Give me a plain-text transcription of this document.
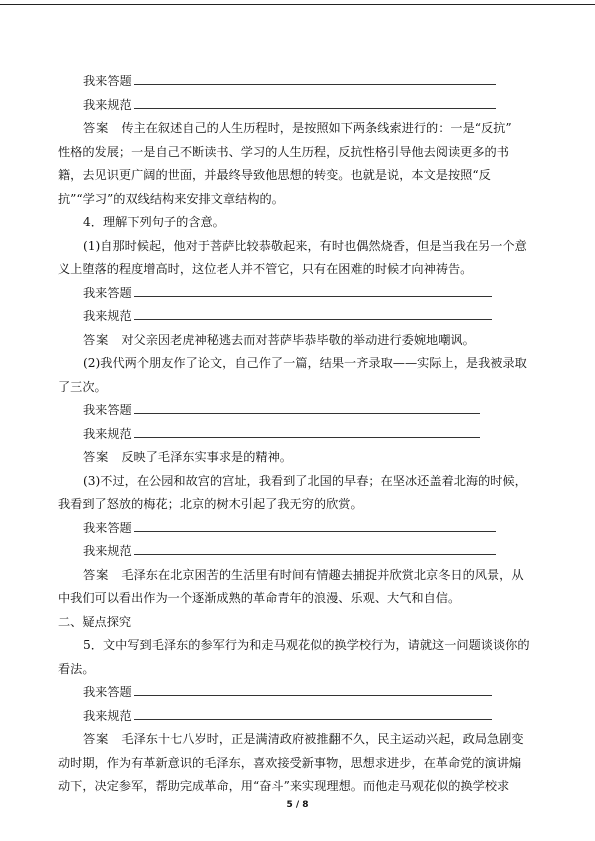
我来答题
我来规范
答案 传主在叙述自己的人生历程时，是按照如下两条线索进行的：一是“反抗”
性格的发展；一是自己不断读书、学习的人生历程，反抗性格引导他去阅读更多的书
籍，去见识更广阔的世面，并最终导致他思想的转变。也就是说，本文是按照“反
抗”“学习”的双线结构来安排文章结构的。
4．理解下列句子的含意。
(1)自那时候起，他对于菩萨比较恭敬起来，有时也偶然烧香，但是当我在另一个意
义上堕落的程度增高时，这位老人并不管它，只有在困难的时候才向神祷告。
我来答题
我来规范
答案 对父亲因老虎神秘逃去而对菩萨毕恭毕敬的举动进行委婉地嘲讽。
(2)我代两个朋友作了论文，自己作了一篇，结果一齐录取——实际上，是我被录取
了三次。
我来答题
我来规范
答案 反映了毛泽东实事求是的精神。
(3)不过，在公园和故宫的宫址，我看到了北国的早春；在坚冰还盖着北海的时候，
我看到了怒放的梅花；北京的树木引起了我无穷的欣赏。
我来答题
我来规范
答案 毛泽东在北京困苦的生活里有时间有情趣去捕捉并欣赏北京冬日的风景，从
中我们可以看出作为一个逐渐成熟的革命青年的浪漫、乐观、大气和自信。
二、疑点探究
5．文中写到毛泽东的参军行为和走马观花似的换学校行为，请就这一问题谈谈你的
看法。
我来答题
我来规范
答案 毛泽东十七八岁时，正是满清政府被推翻不久，民主运动兴起，政局急剧变
动时期，作为有革新意识的毛泽东，喜欢接受新事物，思想求进步，在革命党的演讲煽
动下，决定参军，帮助完成革命，用“奋斗”来实现理想。而他走马观花似的换学校求
5 / 8
